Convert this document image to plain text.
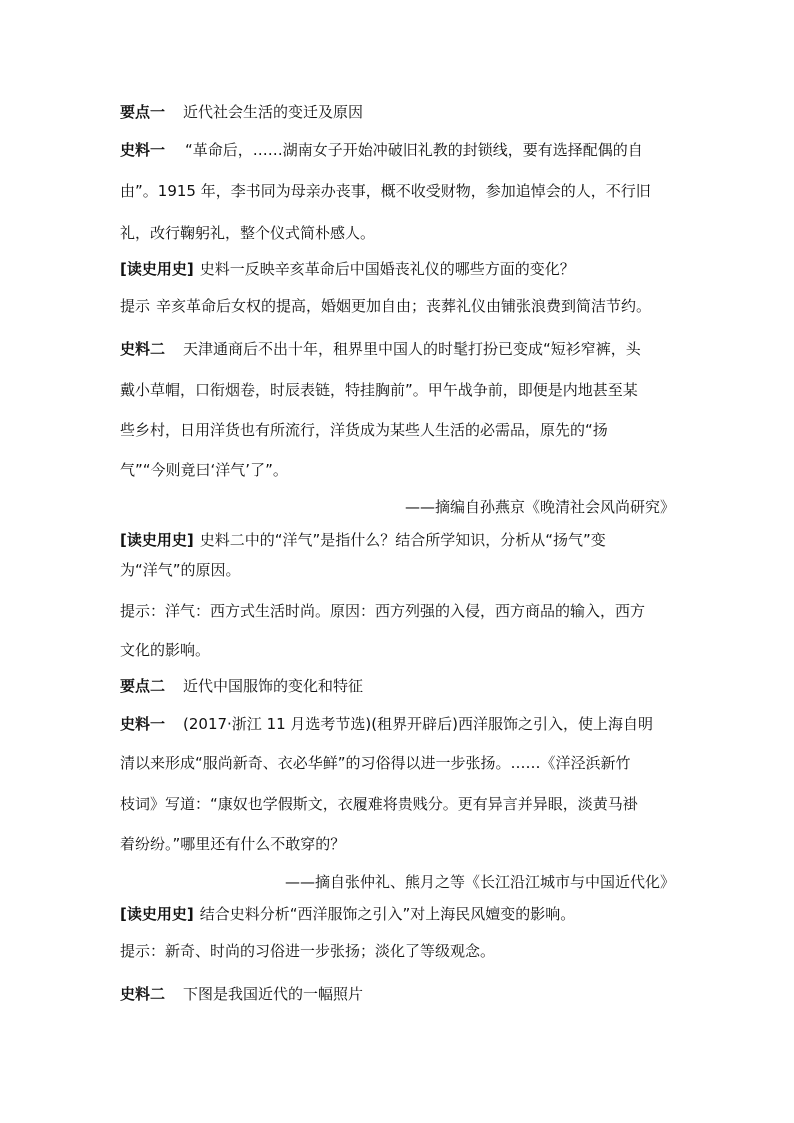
要点一 近代社会生活的变迁及原因
史料一 “革命后，……湖南女子开始冲破旧礼教的封锁线，要有选择配偶的自
由”。1915 年，李书同为母亲办丧事，概不收受财物，参加追悼会的人，不行旧
礼，改行鞠躬礼，整个仪式简朴感人。
[读史用史] 史料一反映辛亥革命后中国婚丧礼仪的哪些方面的变化？
提示 辛亥革命后女权的提高，婚姻更加自由；丧葬礼仪由铺张浪费到简洁节约。
史料二 天津通商后不出十年，租界里中国人的时髦打扮已变成“短衫窄裤，头
戴小草帽，口衔烟卷，时辰表链，特挂胸前”。甲午战争前，即便是内地甚至某
些乡村，日用洋货也有所流行，洋货成为某些人生活的必需品，原先的“扬
气”“今则竟曰‘洋气’了”。
——摘编自孙燕京《晚清社会风尚研究》
[读史用史] 史料二中的“洋气”是指什么？结合所学知识，分析从“扬气”变
为“洋气”的原因。
提示：洋气：西方式生活时尚。原因：西方列强的入侵，西方商品的输入，西方
文化的影响。
要点二 近代中国服饰的变化和特征
史料一 (2017·浙江 11 月选考节选)(租界开辟后)西洋服饰之引入，使上海自明
清以来形成“服尚新奇、衣必华鲜”的习俗得以进一步张扬。……《洋泾浜新竹
枝词》写道：“康奴也学假斯文，衣履难将贵贱分。更有异言并异眼，淡黄马褂
着纷纷。”哪里还有什么不敢穿的？
——摘自张仲礼、熊月之等《长江沿江城市与中国近代化》
[读史用史] 结合史料分析“西洋服饰之引入”对上海民风嬗变的影响。
提示：新奇、时尚的习俗进一步张扬；淡化了等级观念。
史料二 下图是我国近代的一幅照片
